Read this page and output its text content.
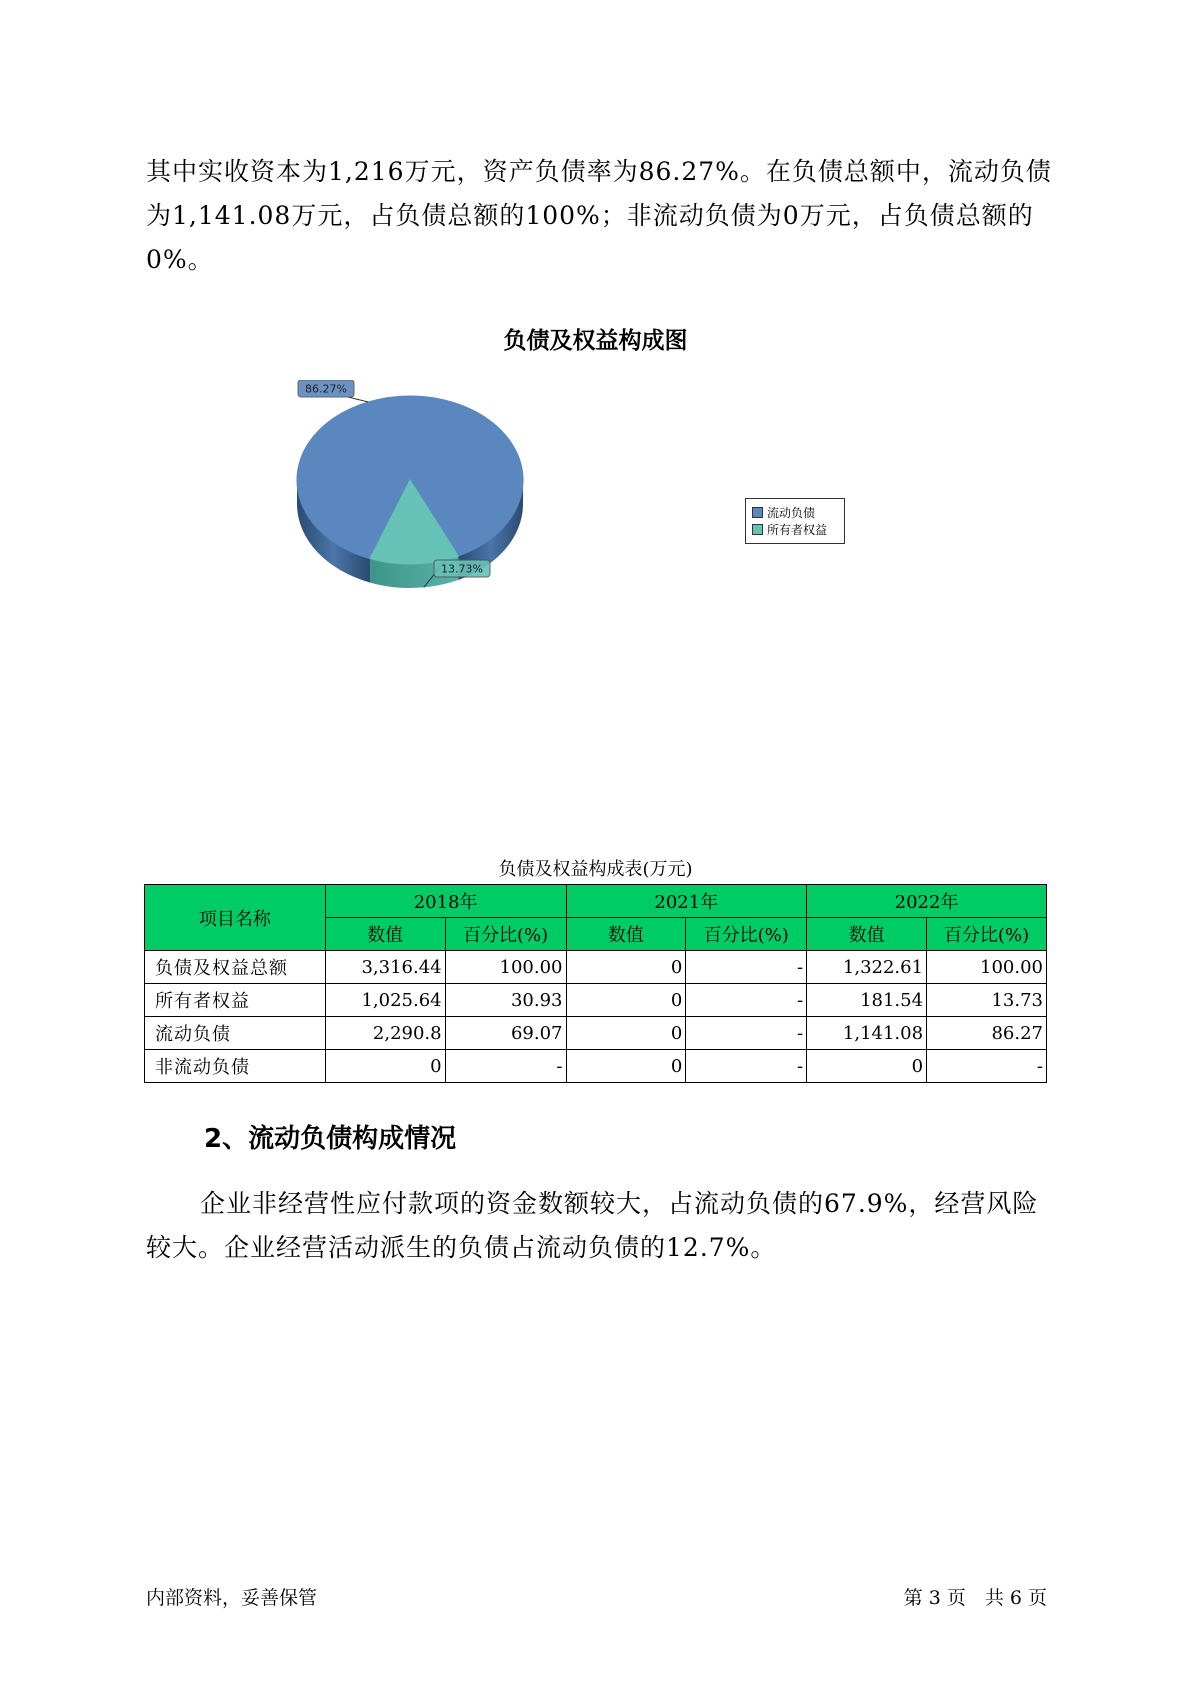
其中实收资本为1,216万元，资产负债率为86.27%。在负债总额中，流动负债为1,141.08万元，占负债总额的100%；非流动负债为0万元，占负债总额的0%。

负债及权益构成图
86.27%
13.73%
流动负债
所有者权益
负债及权益构成表(万元)
项目名称	2018年		2021年		2022年	
	数值	百分比(%)	数值	百分比(%)	数值	百分比(%)
负债及权益总额	3,316.44	100.00	0	-	1,322.61	100.00
所有者权益	1,025.64	30.93	0	-	181.54	13.73
流动负债	2,290.8	69.07	0	-	1,141.08	86.27
非流动负债	0	-	0	-	0	-
2、流动负债构成情况

企业非经营性应付款项的资金数额较大，占流动负债的67.9%，经营风险较大。企业经营活动派生的负债占流动负债的12.7%。

内部资料，妥善保管	第 3 页　共 6 页
